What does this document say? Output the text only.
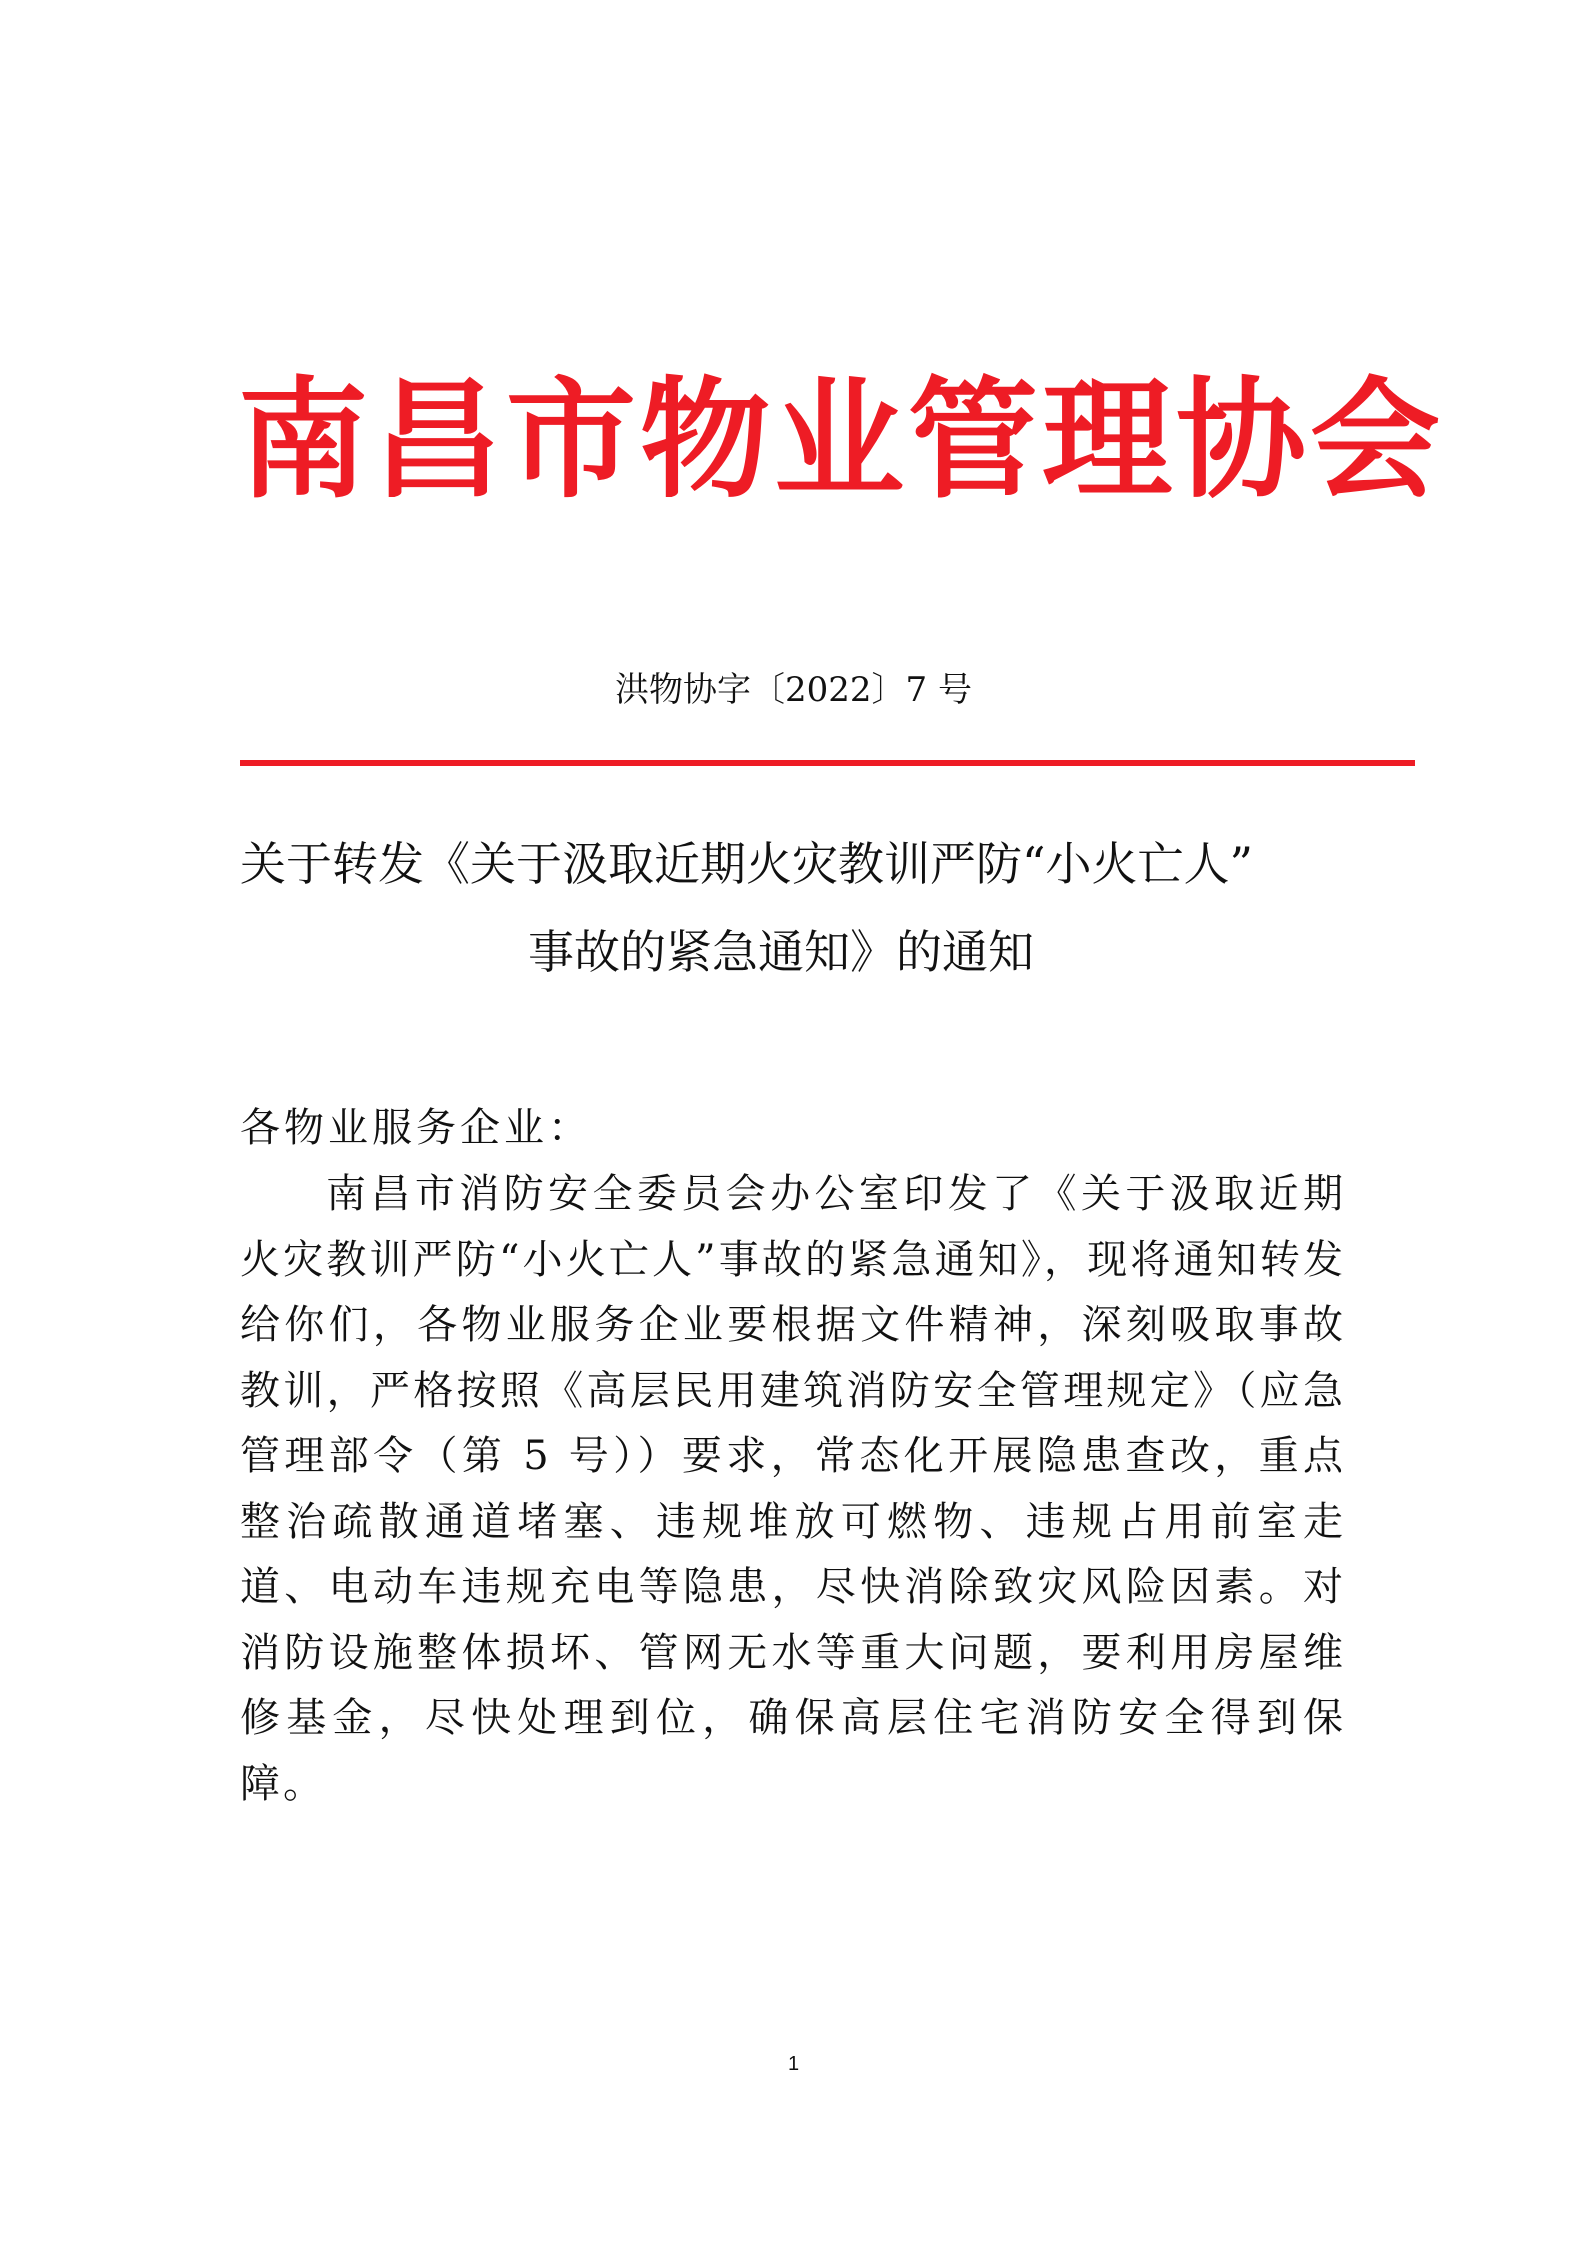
南昌市物业管理协会
洪物协字〔2022〕7 号
关于转发《关于汲取近期火灾教训严防“小火亡人”
事故的紧急通知》的通知
各物业服务企业：
南昌市消防安全委员会办公室印发了《关于汲取近期火灾教训严防“小火亡人”事故的紧急通知》，现将通知转发给你们，各物业服务企业要根据文件精神，深刻吸取事故教训，严格按照《高层民用建筑消防安全管理规定》（应急管理部令（第 5 号））要求，常态化开展隐患查改，重点整治疏散通道堵塞、违规堆放可燃物、违规占用前室走道、电动车违规充电等隐患，尽快消除致灾风险因素。对消防设施整体损坏、管网无水等重大问题，要利用房屋维修基金，尽快处理到位，确保高层住宅消防安全得到保障。
1
